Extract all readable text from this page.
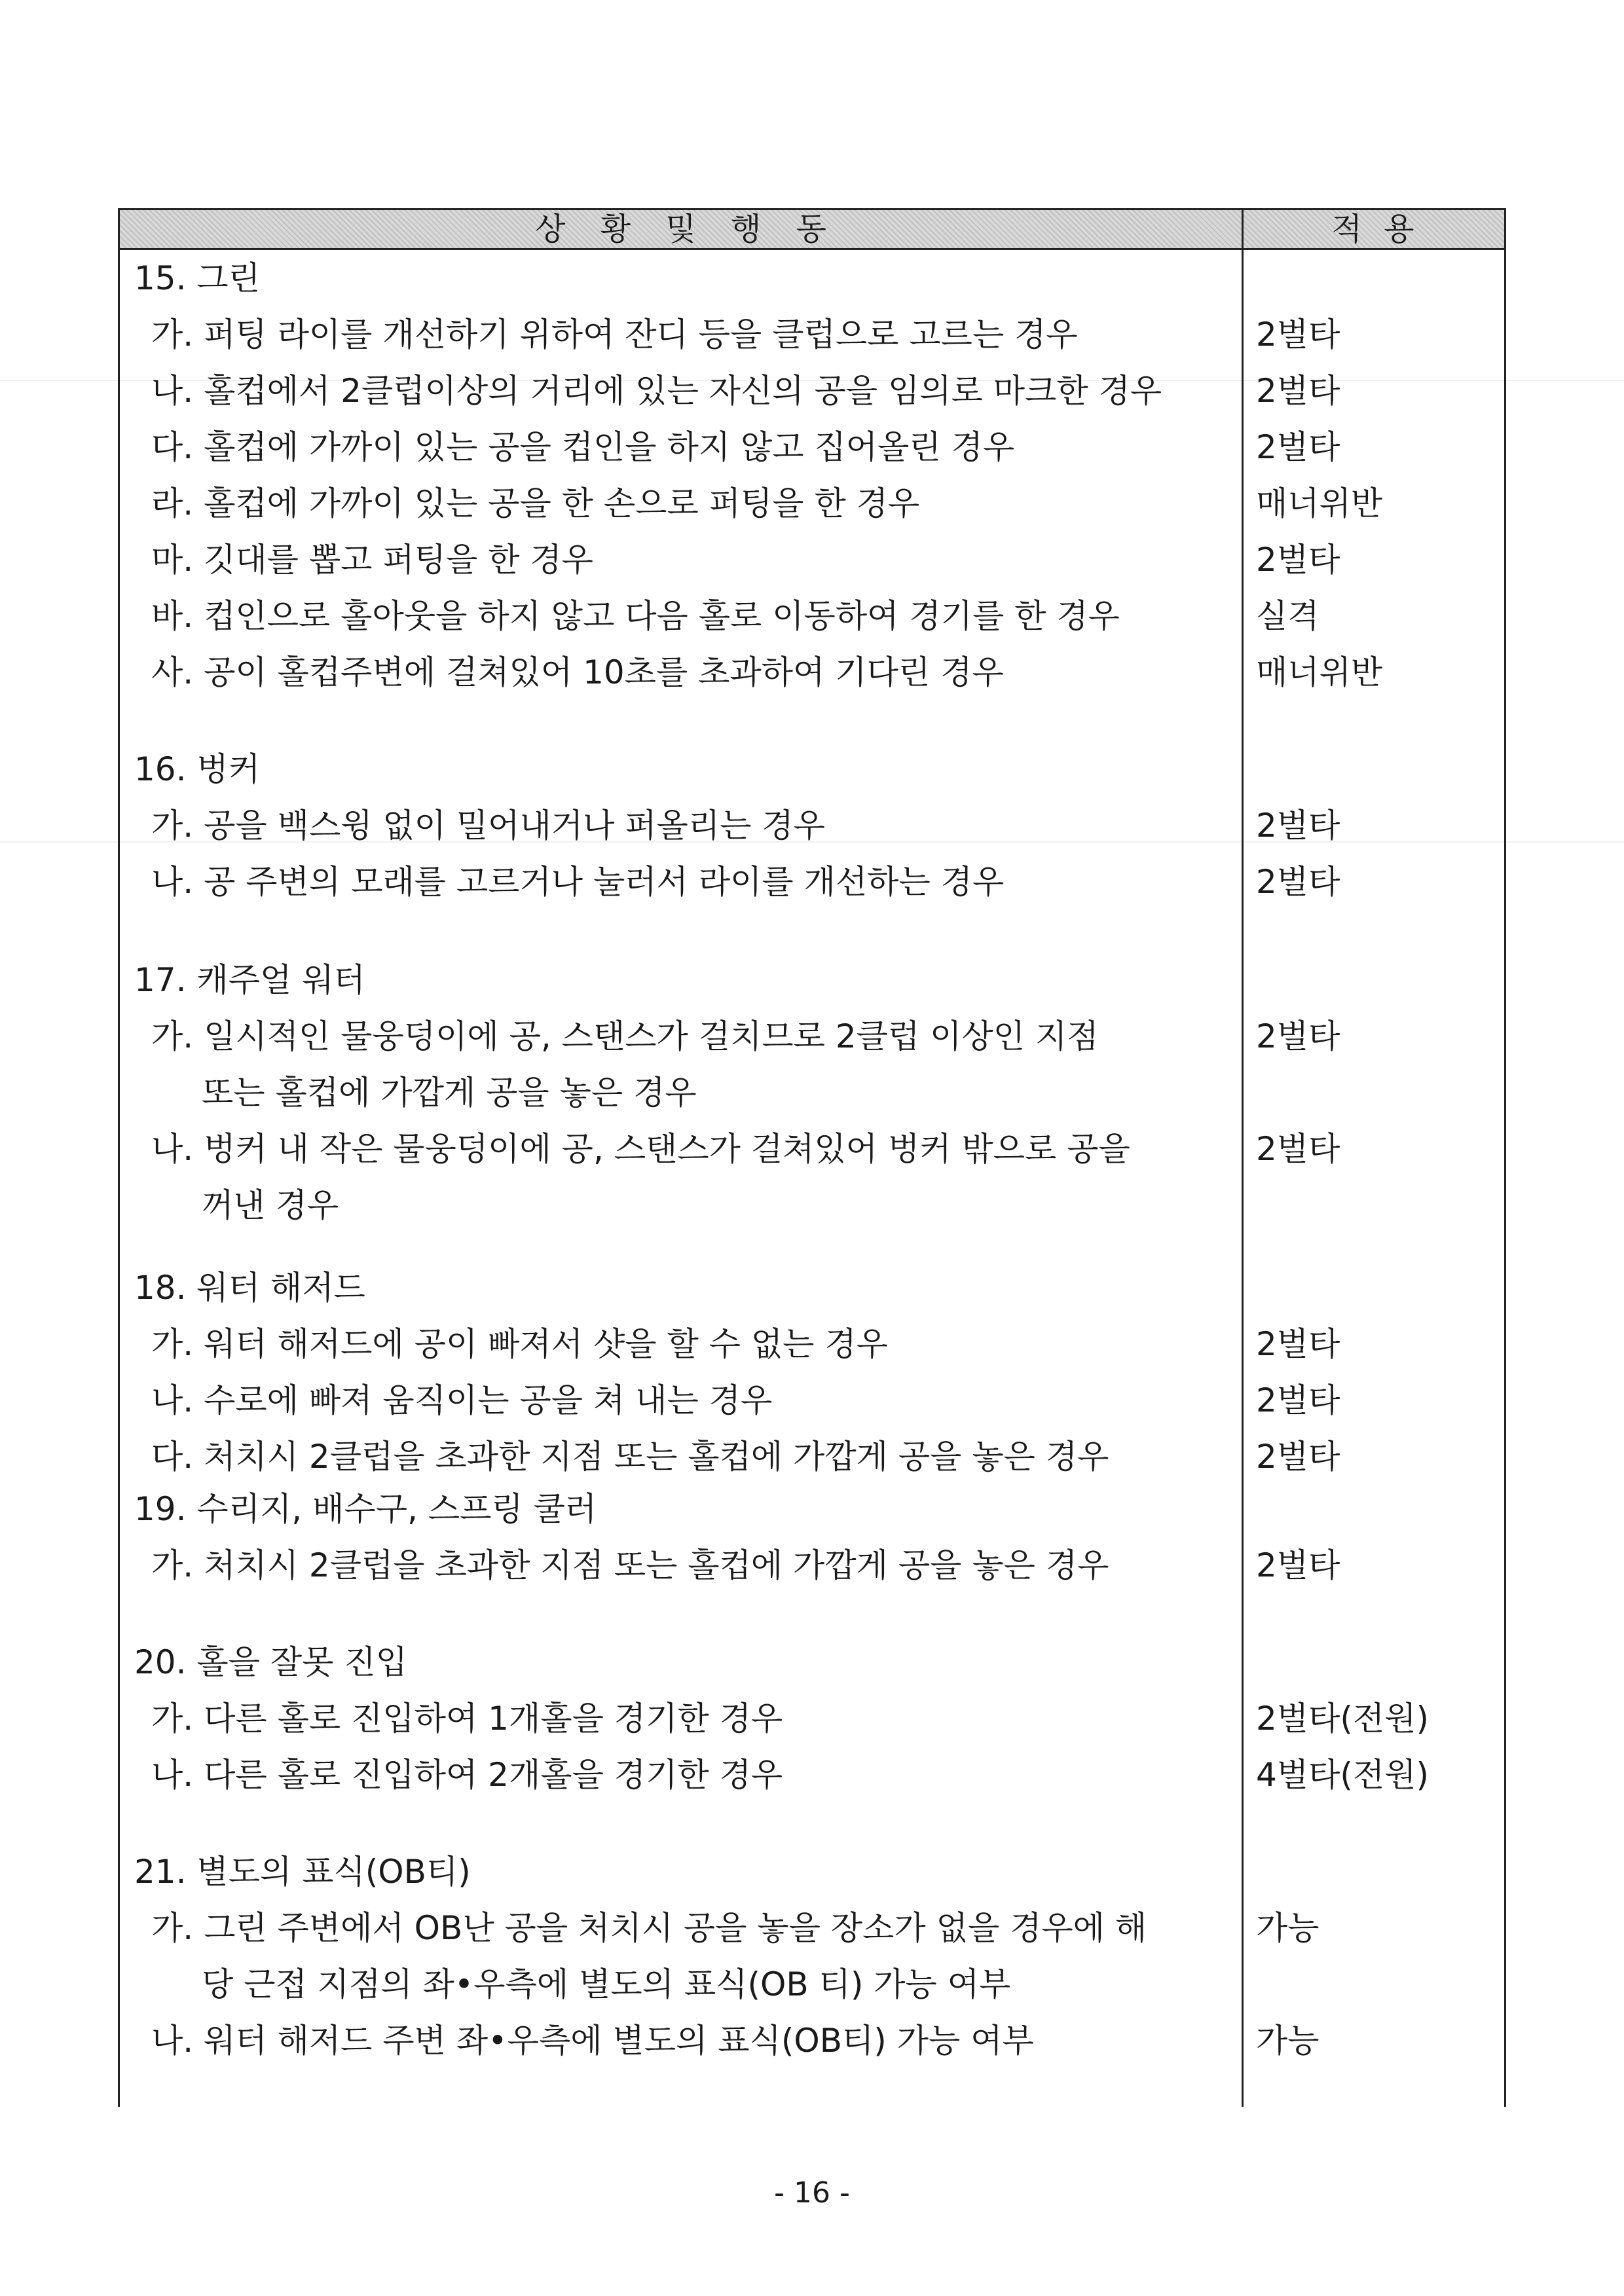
상 황 및 행 동	적 용
15. 그린
가. 퍼팅 라이를 개선하기 위하여 잔디 등을 클럽으로 고르는 경우	2벌타
나. 홀컵에서 2클럽이상의 거리에 있는 자신의 공을 임의로 마크한 경우	2벌타
다. 홀컵에 가까이 있는 공을 컵인을 하지 않고 집어올린 경우	2벌타
라. 홀컵에 가까이 있는 공을 한 손으로 퍼팅을 한 경우	매너위반
마. 깃대를 뽑고 퍼팅을 한 경우	2벌타
바. 컵인으로 홀아웃을 하지 않고 다음 홀로 이동하여 경기를 한 경우	실격
사. 공이 홀컵주변에 걸쳐있어 10초를 초과하여 기다린 경우	매너위반
16. 벙커
가. 공을 백스윙 없이 밀어내거나 퍼올리는 경우	2벌타
나. 공 주변의 모래를 고르거나 눌러서 라이를 개선하는 경우	2벌타
17. 캐주얼 워터
가. 일시적인 물웅덩이에 공, 스탠스가 걸치므로 2클럽 이상인 지점	2벌타
또는 홀컵에 가깝게 공을 놓은 경우
나. 벙커 내 작은 물웅덩이에 공, 스탠스가 걸쳐있어 벙커 밖으로 공을	2벌타
꺼낸 경우
18. 워터 해저드
가. 워터 해저드에 공이 빠져서 샷을 할 수 없는 경우	2벌타
나. 수로에 빠져 움직이는 공을 쳐 내는 경우	2벌타
다. 처치시 2클럽을 초과한 지점 또는 홀컵에 가깝게 공을 놓은 경우	2벌타
19. 수리지, 배수구, 스프링 쿨러
가. 처치시 2클럽을 초과한 지점 또는 홀컵에 가깝게 공을 놓은 경우	2벌타
20. 홀을 잘못 진입
가. 다른 홀로 진입하여 1개홀을 경기한 경우	2벌타(전원)
나. 다른 홀로 진입하여 2개홀을 경기한 경우	4벌타(전원)
21. 별도의 표식(OB티)
가. 그린 주변에서 OB난 공을 처치시 공을 놓을 장소가 없을 경우에 해	가능
당 근접 지점의 좌•우측에 별도의 표식(OB 티) 가능 여부
나. 워터 해저드 주변 좌•우측에 별도의 표식(OB티) 가능 여부	가능
- 16 -
